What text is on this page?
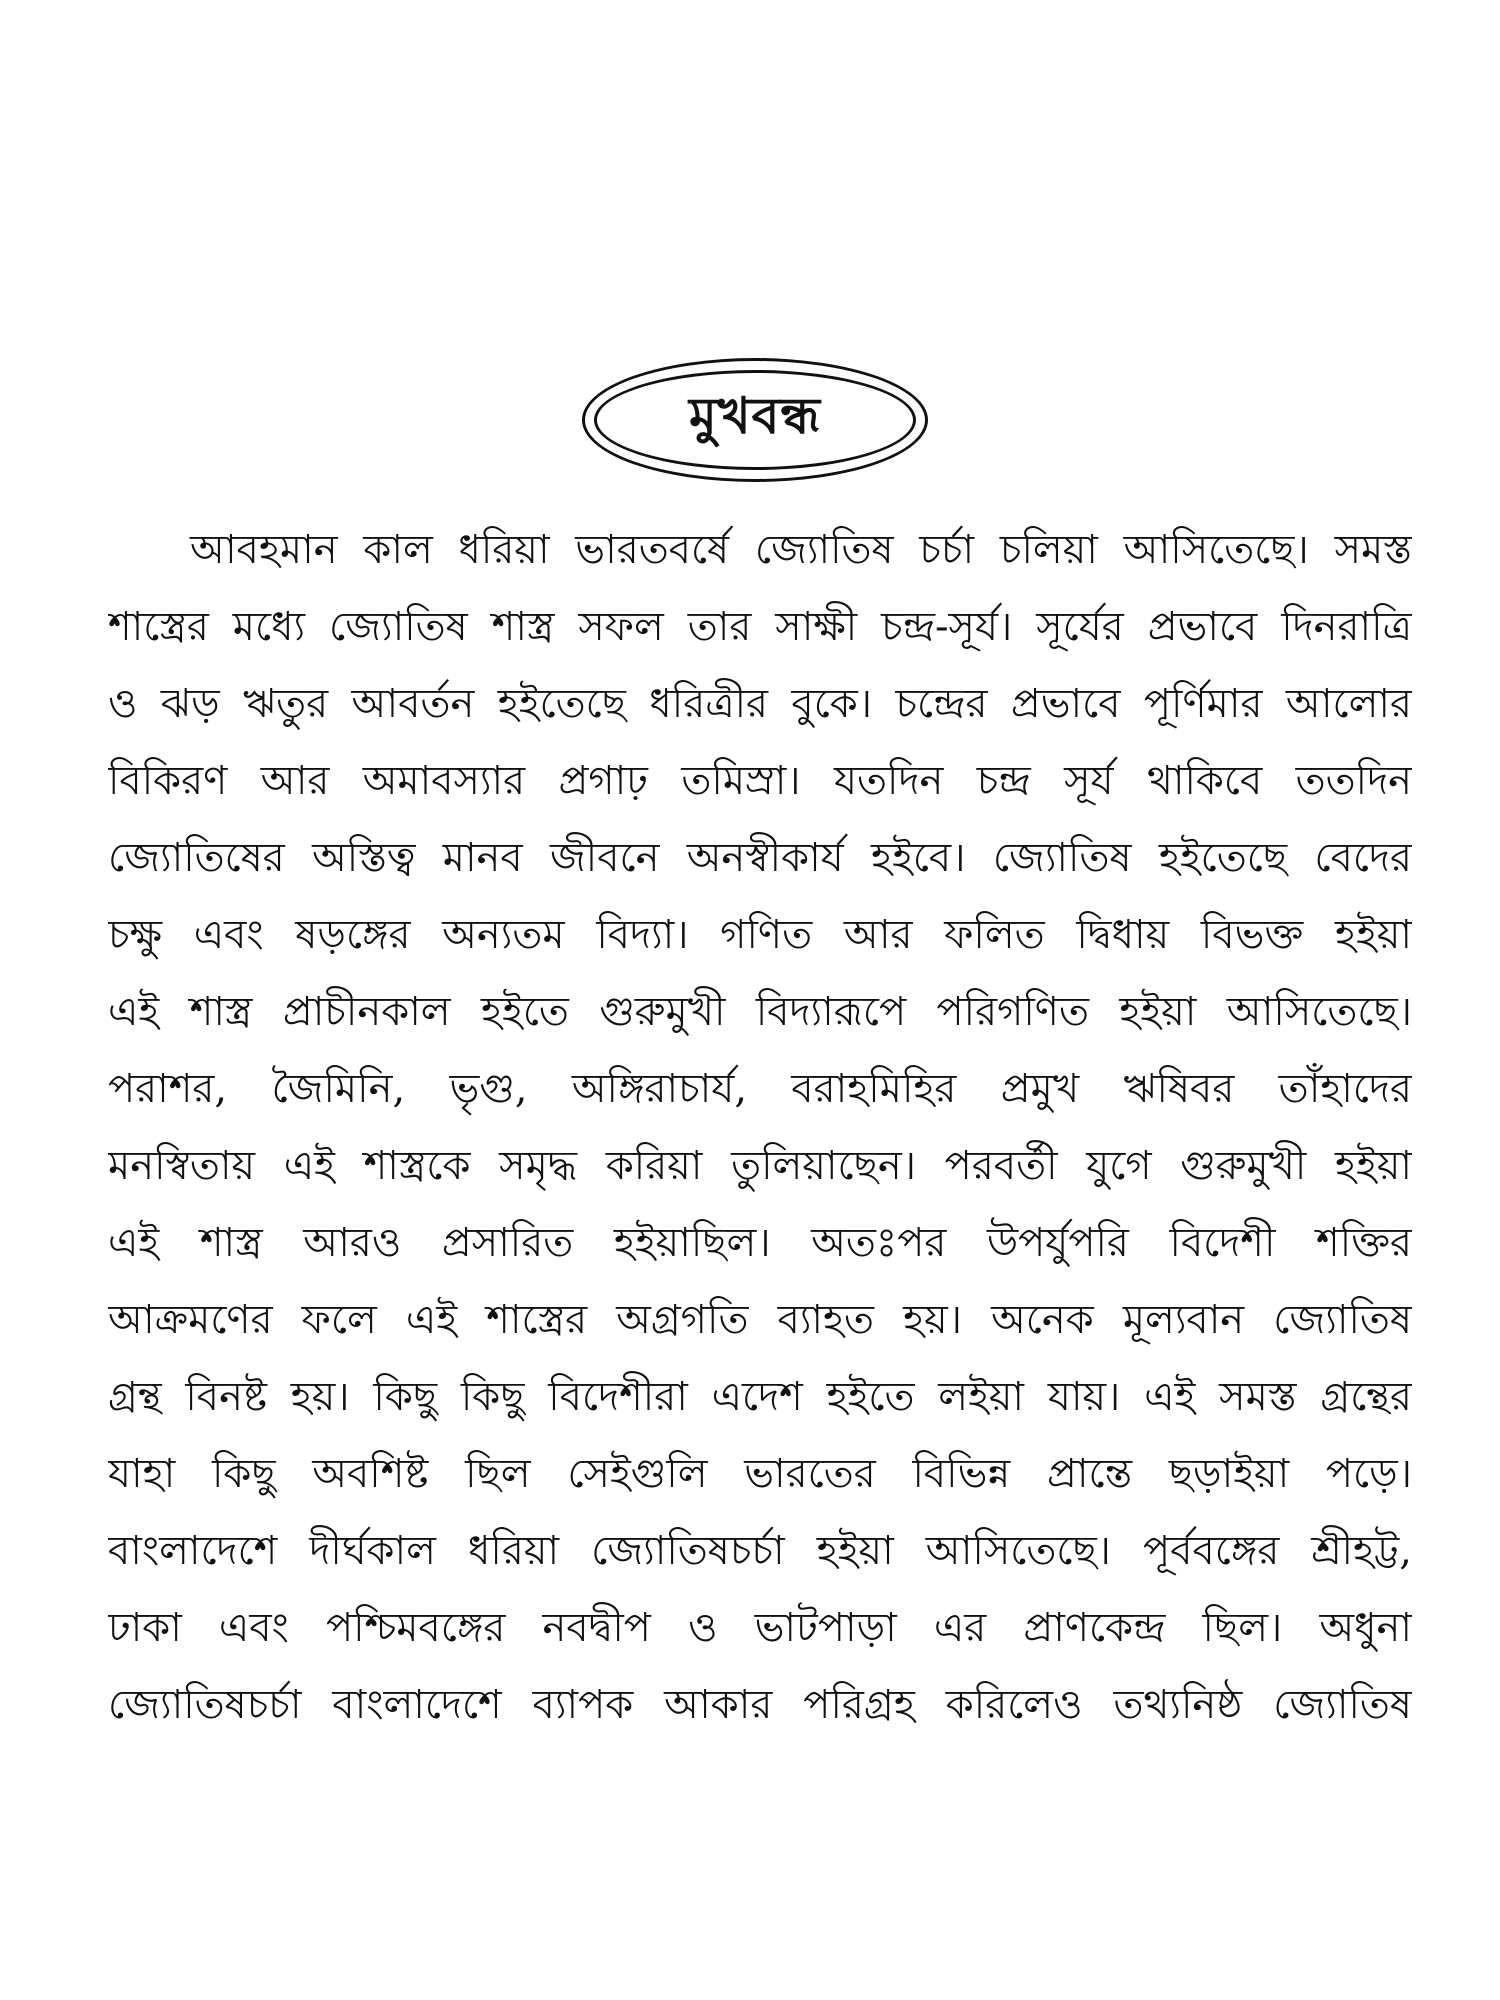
মুখবন্ধ
আবহমান কাল ধরিয়া ভারতবর্ষে জ্যোতিষ চর্চা চলিয়া আসিতেছে। সমস্ত
শাস্ত্রের মধ্যে জ্যোতিষ শাস্ত্র সফল তার সাক্ষী চন্দ্র-সূর্য। সূর্যের প্রভাবে দিনরাত্রি
ও ঝড় ঋতুর আবর্তন হইতেছে ধরিত্রীর বুকে। চন্দ্রের প্রভাবে পূর্ণিমার আলোর
বিকিরণ আর অমাবস্যার প্রগাঢ় তমিস্রা। যতদিন চন্দ্র সূর্য থাকিবে ততদিন
জ্যোতিষের অস্তিত্ব মানব জীবনে অনস্বীকার্য হইবে। জ্যোতিষ হইতেছে বেদের
চক্ষু এবং ষড়ঙ্গের অন্যতম বিদ্যা। গণিত আর ফলিত দ্বিধায় বিভক্ত হইয়া
এই শাস্ত্র প্রাচীনকাল হইতে গুরুমুখী বিদ্যারূপে পরিগণিত হইয়া আসিতেছে।
পরাশর, জৈমিনি, ভৃগু, অঙ্গিরাচার্য, বরাহমিহির প্রমুখ ঋষিবর তাঁহাদের
মনস্বিতায় এই শাস্ত্রকে সমৃদ্ধ করিয়া তুলিয়াছেন। পরবর্তী যুগে গুরুমুখী হইয়া
এই শাস্ত্র আরও প্রসারিত হইয়াছিল। অতঃপর উপর্যুপরি বিদেশী শক্তির
আক্রমণের ফলে এই শাস্ত্রের অগ্রগতি ব্যাহত হয়। অনেক মূল্যবান জ্যোতিষ
গ্রন্থ বিনষ্ট হয়। কিছু কিছু বিদেশীরা এদেশ হইতে লইয়া যায়। এই সমস্ত গ্রন্থের
যাহা কিছু অবশিষ্ট ছিল সেইগুলি ভারতের বিভিন্ন প্রান্তে ছড়াইয়া পড়ে।
বাংলাদেশে দীর্ঘকাল ধরিয়া জ্যোতিষচর্চা হইয়া আসিতেছে। পূর্ববঙ্গের শ্রীহট্ট,
ঢাকা এবং পশ্চিমবঙ্গের নবদ্বীপ ও ভাটপাড়া এর প্রাণকেন্দ্র ছিল। অধুনা
জ্যোতিষচর্চা বাংলাদেশে ব্যাপক আকার পরিগ্রহ করিলেও তথ্যনিষ্ঠ জ্যোতিষ
